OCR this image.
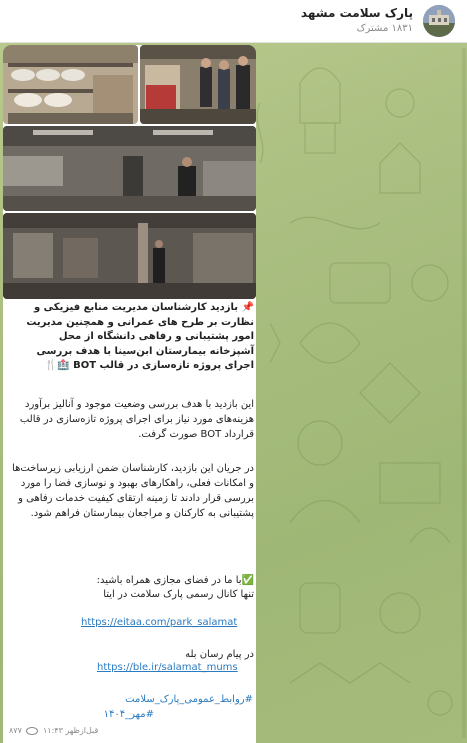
پارک سلامت مشهد
۱۸۳۱ مشترک
📌 بازدید کارشناسان مدیریت منابع فیزیکی و نظارت بر طرح های عمرانی و همچنین مدیریت امور پشتیبانی و رفاهی دانشگاه از محل آشپزخانه بیمارستان ابن‌سینا با هدف بررسی اجرای پروژه تازه‌سازی در قالب BOT 🏥🍴
این بازدید با هدف بررسی وضعیت موجود و آنالیز برآورد هزینه‌های مورد نیاز برای اجرای پروژه تازه‌سازی در قالب قرارداد BOT صورت گرفت.
در جریان این بازدید، کارشناسان ضمن ارزیابی زیرساخت‌ها و امکانات فعلی، راهکارهای بهبود و نوسازی فضا را مورد بررسی قرار دادند تا زمینه ارتقای کیفیت خدمات رفاهی و پشتیبانی به کارکنان و مراجعان بیمارستان فراهم شود.
✅با ما در فضای مجازی همراه باشید:
تنها کانال رسمی پارک سلامت در ایتا
https://eitaa.com/park_salamat
در پیام رسان بله
https://ble.ir/salamat_mums
#روابط_عمومی_پارک_سلامت
#مهر_۱۴۰۴
۸۷۷	۱۱:۴۳ قبل‌ازظهر
